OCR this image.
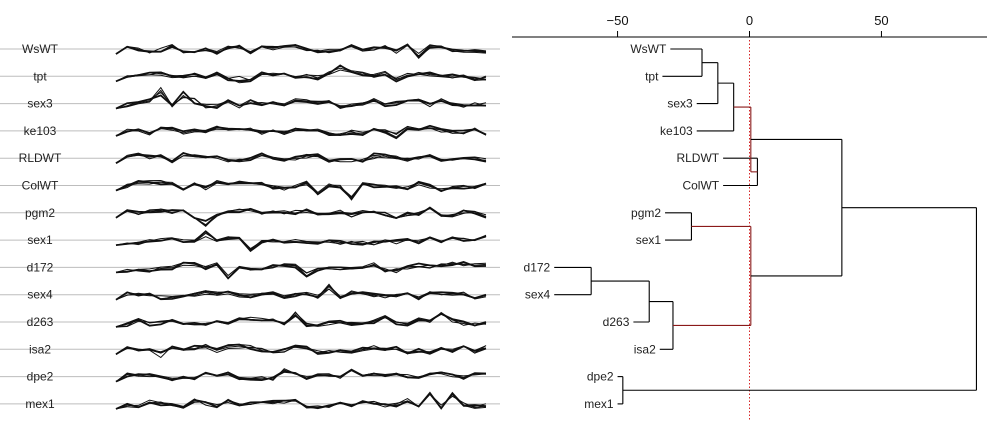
WsWT
tpt
sex3
ke103
RLDWT
ColWT
pgm2
sex1
d172
sex4
d263
isa2
dpe2
mex1
−50	0	50
WsWT
tpt
sex3
ke103
RLDWT
ColWT
pgm2
sex1
d172
sex4
d263
isa2
dpe2
mex1
